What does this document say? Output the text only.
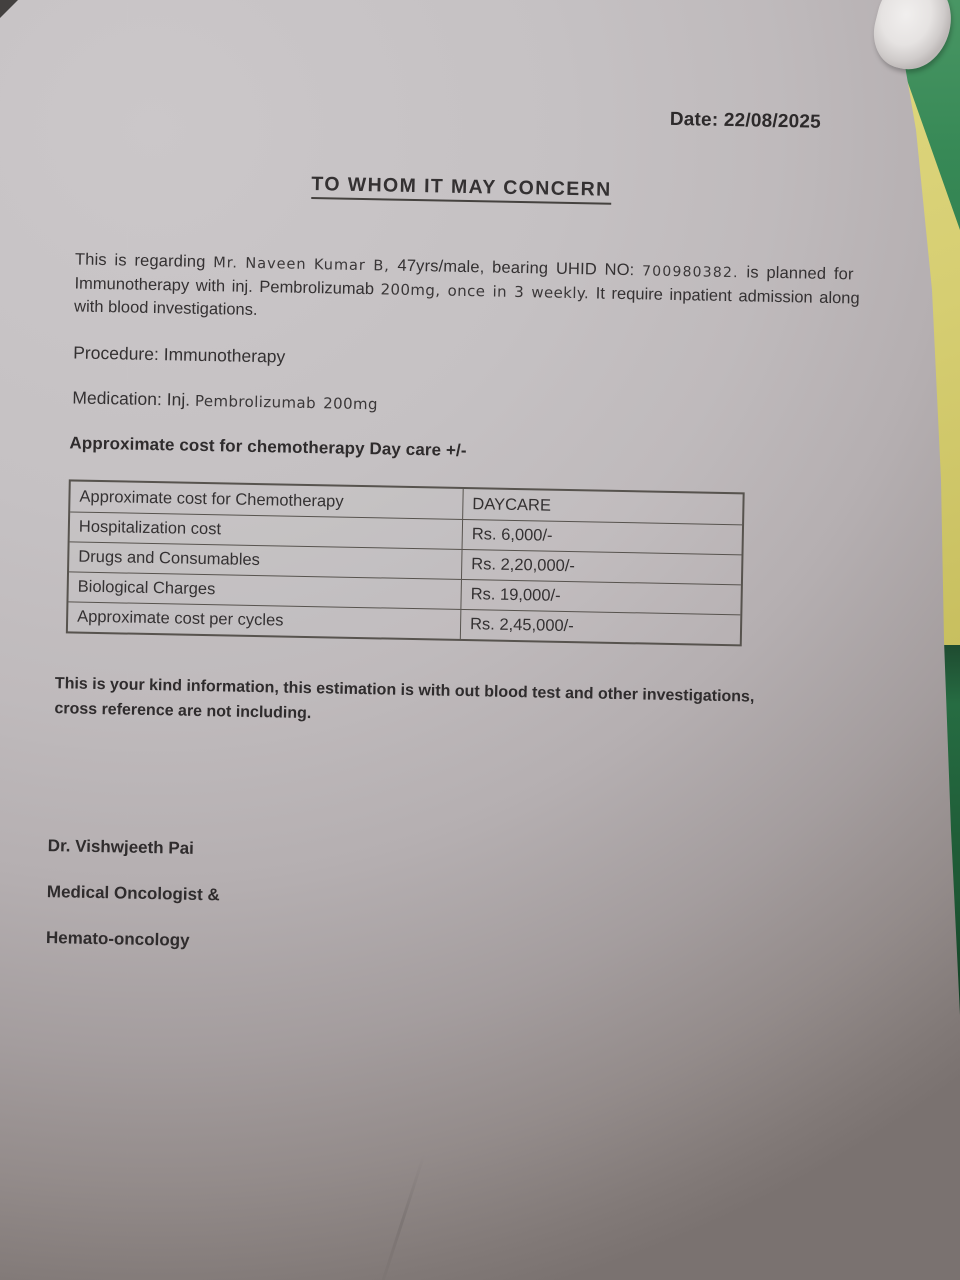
Date: 22/08/2025
TO WHOM IT MAY CONCERN
This is regarding Mr. Naveen Kumar B, 47yrs/male, bearing UHID NO: 700980382. is planned for
Immunotherapy with inj. Pembrolizumab 200mg, once in 3 weekly. It require inpatient admission along
with blood investigations.
Procedure: Immunotherapy
Medication: Inj. Pembrolizumab 200mg
Approximate cost for chemotherapy Day care +/-
Approximate cost for Chemotherapy	DAYCARE
Hospitalization cost	Rs. 6,000/-
Drugs and Consumables	Rs. 2,20,000/-
Biological Charges	Rs. 19,000/-
Approximate cost per cycles	Rs. 2,45,000/-
This is your kind information, this estimation is with out blood test and other investigations,
cross reference are not including.
Dr. Vishwjeeth Pai
Medical Oncologist &
Hemato-oncology
